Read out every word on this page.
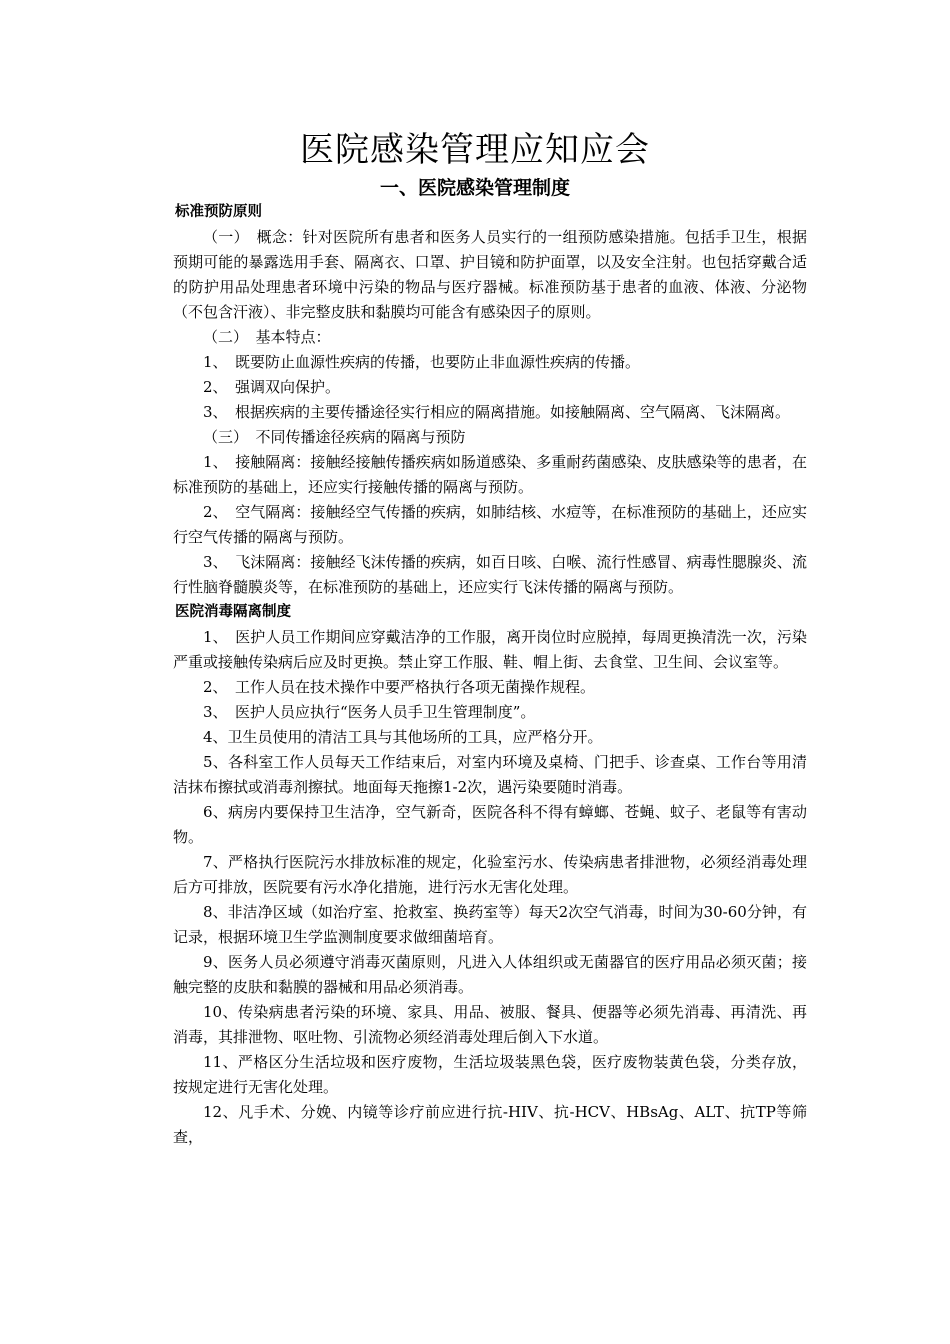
医院感染管理应知应会
一、医院感染管理制度
标准预防原则

（一）　概念：针对医院所有患者和医务人员实行的一组预防感染措施。包括手卫生，根据预期可能的暴露选用手套、隔离衣、口罩、护目镜和防护面罩，以及安全注射。也包括穿戴合适的防护用品处理患者环境中污染的物品与医疗器械。标准预防基于患者的血液、体液、分泌物（不包含汗液）、非完整皮肤和黏膜均可能含有感染因子的原则。

（二）　基本特点：

1、　既要防止血源性疾病的传播，也要防止非血源性疾病的传播。

2、　强调双向保护。

3、　根据疾病的主要传播途径实行相应的隔离措施。如接触隔离、空气隔离、飞沫隔离。

（三）　不同传播途径疾病的隔离与预防

1、　接触隔离：接触经接触传播疾病如肠道感染、多重耐药菌感染、皮肤感染等的患者，在标准预防的基础上，还应实行接触传播的隔离与预防。

2、　空气隔离：接触经空气传播的疾病，如肺结核、水痘等，在标准预防的基础上，还应实行空气传播的隔离与预防。

3、　飞沫隔离：接触经飞沫传播的疾病，如百日咳、白喉、流行性感冒、病毒性腮腺炎、流行性脑脊髓膜炎等，在标准预防的基础上，还应实行飞沫传播的隔离与预防。

医院消毒隔离制度

1、　医护人员工作期间应穿戴洁净的工作服，离开岗位时应脱掉，每周更换清洗一次，污染严重或接触传染病后应及时更换。禁止穿工作服、鞋、帽上街、去食堂、卫生间、会议室等。

2、　工作人员在技术操作中要严格执行各项无菌操作规程。

3、　医护人员应执行“医务人员手卫生管理制度”。

4、卫生员使用的清洁工具与其他场所的工具，应严格分开。

5、各科室工作人员每天工作结束后，对室内环境及桌椅、门把手、诊查桌、工作台等用清洁抹布擦拭或消毒剂擦拭。地面每天拖擦1-2次，遇污染要随时消毒。

6、病房内要保持卫生洁净，空气新奇，医院各科不得有蟑螂、苍蝇、蚊子、老鼠等有害动物。

7、严格执行医院污水排放标准的规定，化验室污水、传染病患者排泄物，必须经消毒处理后方可排放，医院要有污水净化措施，进行污水无害化处理。

8、非洁净区域（如治疗室、抢救室、换药室等）每天2次空气消毒，时间为30-60分钟，有记录，根据环境卫生学监测制度要求做细菌培育。

9、医务人员必须遵守消毒灭菌原则，凡进入人体组织或无菌器官的医疗用品必须灭菌；接触完整的皮肤和黏膜的器械和用品必须消毒。

10、传染病患者污染的环境、家具、用品、被服、餐具、便器等必须先消毒、再清洗、再消毒，其排泄物、呕吐物、引流物必须经消毒处理后倒入下水道。

11、严格区分生活垃圾和医疗废物，生活垃圾装黑色袋，医疗废物装黄色袋，分类存放，按规定进行无害化处理。

12、凡手术、分娩、内镜等诊疗前应进行抗-HIV、抗-HCV、HBsAg、ALT、抗TP等筛查，
